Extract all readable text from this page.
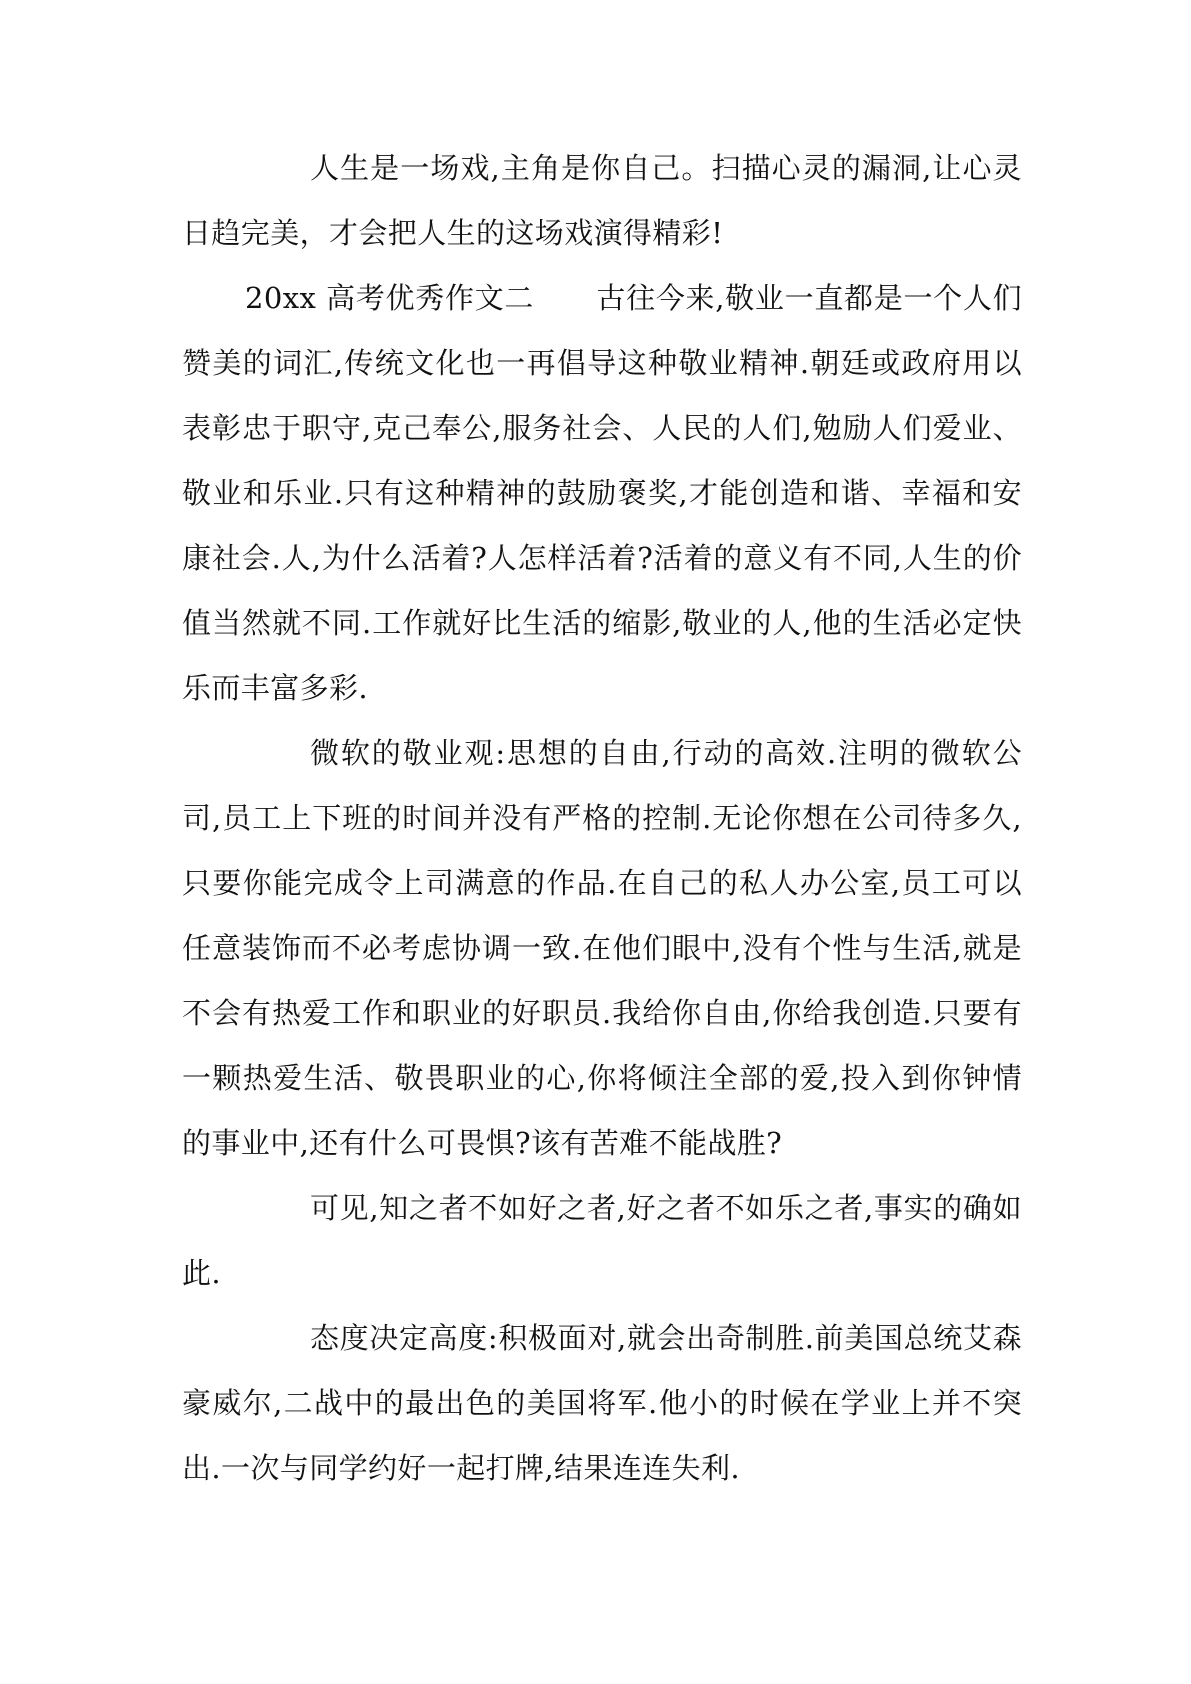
人生是一场戏,主角是你自己。扫描心灵的漏洞,让心灵日趋完美，才会把人生的这场戏演得精彩!

20xx 高考优秀作文二 古往今来,敬业一直都是一个人们赞美的词汇,传统文化也一再倡导这种敬业精神.朝廷或政府用以表彰忠于职守,克己奉公,服务社会、人民的人们,勉励人们爱业、敬业和乐业.只有这种精神的鼓励褒奖,才能创造和谐、幸福和安康社会.人,为什么活着?人怎样活着?活着的意义有不同,人生的价值当然就不同.工作就好比生活的缩影,敬业的人,他的生活必定快乐而丰富多彩.

微软的敬业观:思想的自由,行动的高效.注明的微软公司,员工上下班的时间并没有严格的控制.无论你想在公司待多久,只要你能完成令上司满意的作品.在自己的私人办公室,员工可以任意装饰而不必考虑协调一致.在他们眼中,没有个性与生活,就是不会有热爱工作和职业的好职员.我给你自由,你给我创造.只要有一颗热爱生活、敬畏职业的心,你将倾注全部的爱,投入到你钟情的事业中,还有什么可畏惧?该有苦难不能战胜?

可见,知之者不如好之者,好之者不如乐之者,事实的确如此.

态度决定高度:积极面对,就会出奇制胜.前美国总统艾森豪威尔,二战中的最出色的美国将军.他小的时候在学业上并不突出.一次与同学约好一起打牌,结果连连失利.
